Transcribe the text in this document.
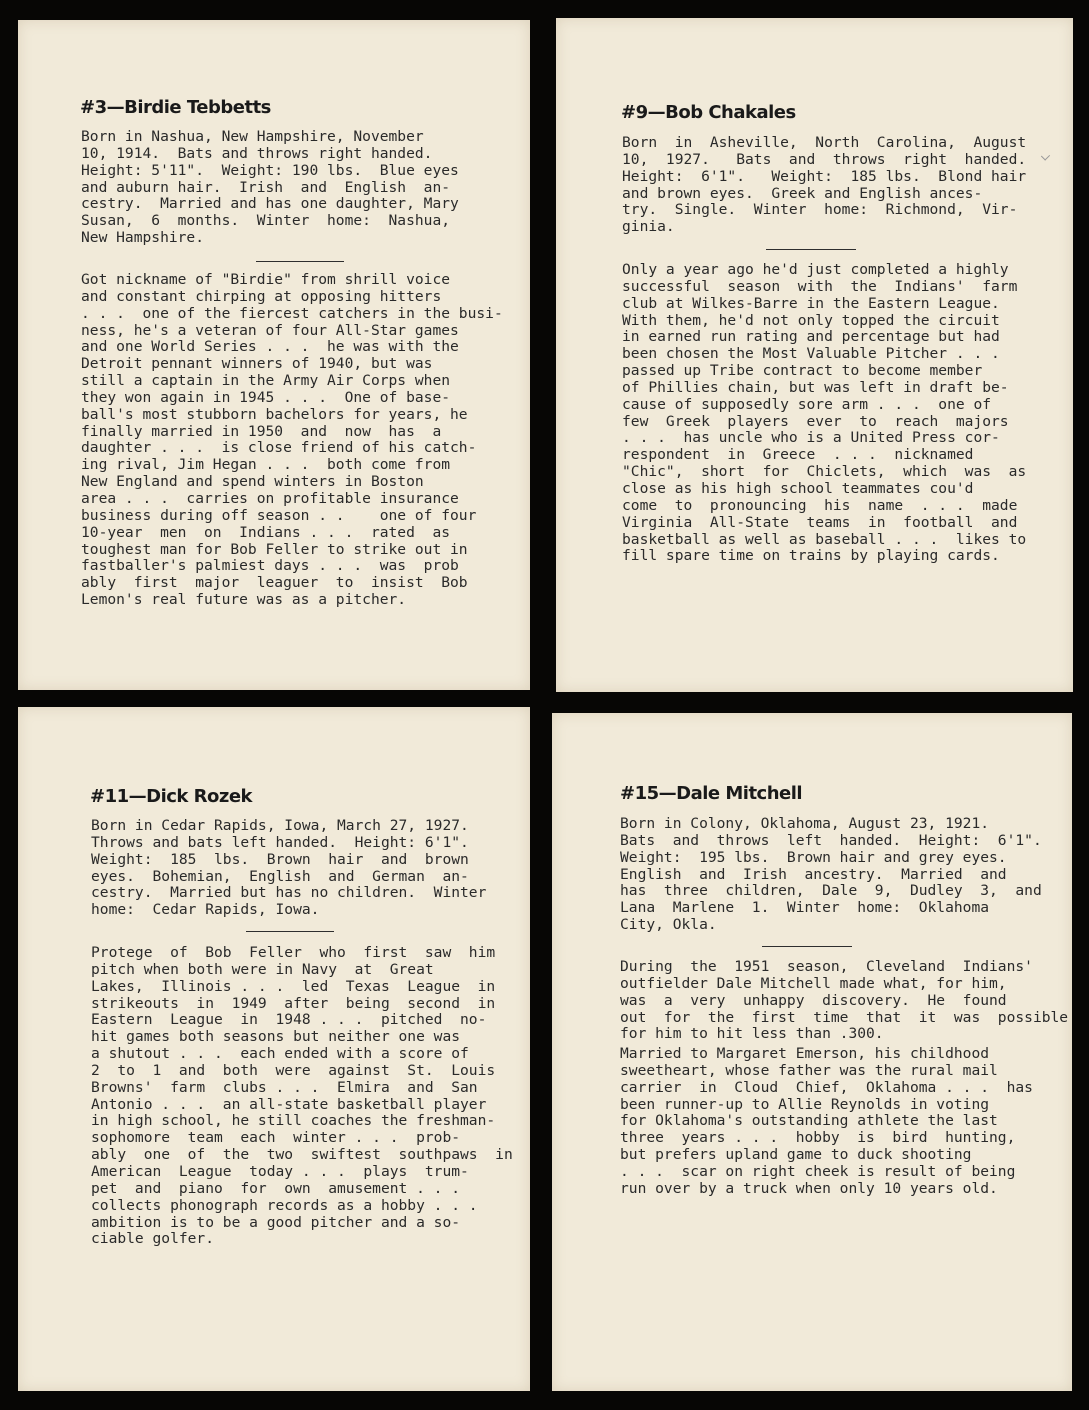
#3—Birdie Tebbetts
Born in Nashua, New Hampshire, November
10, 1914.  Bats and throws right handed.
Height: 5'11".  Weight: 190 lbs.  Blue eyes
and auburn hair.  Irish  and  English  an-
cestry.  Married and has one daughter, Mary
Susan,  6  months.  Winter  home:  Nashua,
New Hampshire.
Got nickname of "Birdie" from shrill voice
and constant chirping at opposing hitters
. . .  one of the fiercest catchers in the busi-
ness, he's a veteran of four All-Star games
and one World Series . . .  he was with the
Detroit pennant winners of 1940, but was
still a captain in the Army Air Corps when
they won again in 1945 . . .  One of base-
ball's most stubborn bachelors for years, he
finally married in 1950  and  now  has  a
daughter . . .  is close friend of his catch-
ing rival, Jim Hegan . . .  both come from
New England and spend winters in Boston
area . . .  carries on profitable insurance
business during off season . .    one of four
10-year  men  on  Indians . . .  rated  as
toughest man for Bob Feller to strike out in
fastballer's palmiest days . . .  was  prob
ably  first  major  leaguer  to  insist  Bob
Lemon's real future was as a pitcher.
#9—Bob Chakales
Born  in  Asheville,  North  Carolina,  August
10,  1927.   Bats  and  throws  right  handed.
Height:  6'1".   Weight:  185 lbs.  Blond hair
and brown eyes.  Greek and English ances-
try.  Single.  Winter  home:  Richmond,  Vir-
ginia.
Only a year ago he'd just completed a highly
successful  season  with  the  Indians'  farm
club at Wilkes-Barre in the Eastern League.
With them, he'd not only topped the circuit
in earned run rating and percentage but had
been chosen the Most Valuable Pitcher . . .
passed up Tribe contract to become member
of Phillies chain, but was left in draft be-
cause of supposedly sore arm . . .  one of
few  Greek  players  ever  to  reach  majors
. . .  has uncle who is a United Press cor-
respondent  in  Greece  . . .  nicknamed
"Chic",  short  for  Chiclets,  which  was  as
close as his high school teammates cou'd
come  to  pronouncing  his  name  . . .  made
Virginia  All-State  teams  in  football  and
basketball as well as baseball . . .  likes to
fill spare time on trains by playing cards.
#11—Dick Rozek
Born in Cedar Rapids, Iowa, March 27, 1927.
Throws and bats left handed.  Height: 6'1".
Weight:  185  lbs.  Brown  hair  and  brown
eyes.  Bohemian,  English  and  German  an-
cestry.  Married but has no children.  Winter
home:  Cedar Rapids, Iowa.
Protege  of  Bob  Feller  who  first  saw  him
pitch when both were in Navy  at  Great
Lakes,  Illinois . . .  led  Texas  League  in
strikeouts  in  1949  after  being  second  in
Eastern  League  in  1948 . . .  pitched  no-
hit games both seasons but neither one was
a shutout . . .  each ended with a score of
2  to  1  and  both  were  against  St.  Louis
Browns'  farm  clubs . . .  Elmira  and  San
Antonio . . .  an all-state basketball player
in high school, he still coaches the freshman-
sophomore  team  each  winter . . .  prob-
ably  one  of  the  two  swiftest  southpaws  in
American  League  today . . .  plays  trum-
pet  and  piano  for  own  amusement . . .
collects phonograph records as a hobby . . .
ambition is to be a good pitcher and a so-
ciable golfer.
#15—Dale Mitchell
Born in Colony, Oklahoma, August 23, 1921.
Bats  and  throws  left  handed.  Height:  6'1".
Weight:  195 lbs.  Brown hair and grey eyes.
English  and  Irish  ancestry.  Married  and
has  three  children,  Dale  9,  Dudley  3,  and
Lana  Marlene  1.  Winter  home:  Oklahoma
City, Okla.
During  the  1951  season,  Cleveland  Indians'
outfielder Dale Mitchell made what, for him,
was  a  very  unhappy  discovery.  He  found
out  for  the  first  time  that  it  was  possible
for him to hit less than .300.
Married to Margaret Emerson, his childhood
sweetheart, whose father was the rural mail
carrier  in  Cloud  Chief,  Oklahoma . . .  has
been runner-up to Allie Reynolds in voting
for Oklahoma's outstanding athlete the last
three  years . . .  hobby  is  bird  hunting,
but prefers upland game to duck shooting
. . .  scar on right cheek is result of being
run over by a truck when only 10 years old.
